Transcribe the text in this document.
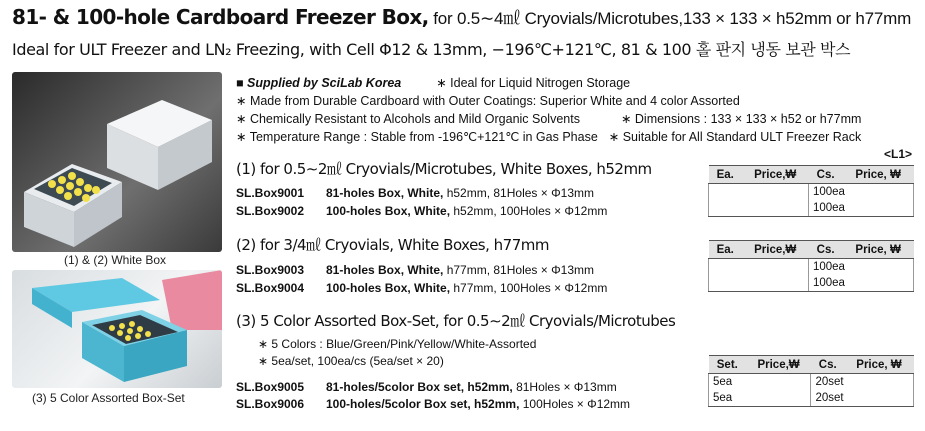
81- & 100-hole Cardboard Freezer Box, for 0.5∼4㎖ Cryovials/Microtubes,133 × 133 × h52mm or h77mm
Ideal for ULT Freezer and LN₂ Freezing, with Cell Φ12 & 13mm, −196℃+121℃, 81 & 100 홀 판지 냉동 보관 박스
(1) & (2) White Box
(3) 5 Color Assorted Box-Set
■ Supplied by SciLab Korea	∗ Ideal for Liquid Nitrogen Storage
∗ Made from Durable Cardboard with Outer Coatings: Superior White and 4 color Assorted
∗ Chemically Resistant to Alcohols and Mild Organic Solvents	∗ Dimensions : 133 × 133 × h52 or h77mm
∗ Temperature Range : Stable from -196℃+121℃ in Gas Phase ∗ Suitable for All Standard ULT Freezer Rack
<L1>
(1) for 0.5∼2㎖ Cryovials/Microtubes, White Boxes, h52mm
SL.Box9001 81-holes Box, White, h52mm, 81Holes × Φ13mm
SL.Box9002 100-holes Box, White, h52mm, 100Holes × Φ12mm
Ea.	Price,₩	Cs.	Price, ₩
		100ea	
		100ea	
(2) for 3/4㎖ Cryovials, White Boxes, h77mm
SL.Box9003 81-holes Box, White, h77mm, 81Holes × Φ13mm
SL.Box9004 100-holes Box, White, h77mm, 100Holes × Φ12mm
Ea.	Price,₩	Cs.	Price, ₩
		100ea	
		100ea	
(3) 5 Color Assorted Box-Set, for 0.5∼2㎖ Cryovials/Microtubes
∗ 5 Colors : Blue/Green/Pink/Yellow/White-Assorted
∗ 5ea/set, 100ea/cs (5ea/set × 20)
SL.Box9005 81-holes/5color Box set, h52mm, 81Holes × Φ13mm
SL.Box9006 100-holes/5color Box set, h52mm, 100Holes × Φ12mm
Set.	Price,₩	Cs.	Price, ₩
5ea		20set	
5ea		20set	
